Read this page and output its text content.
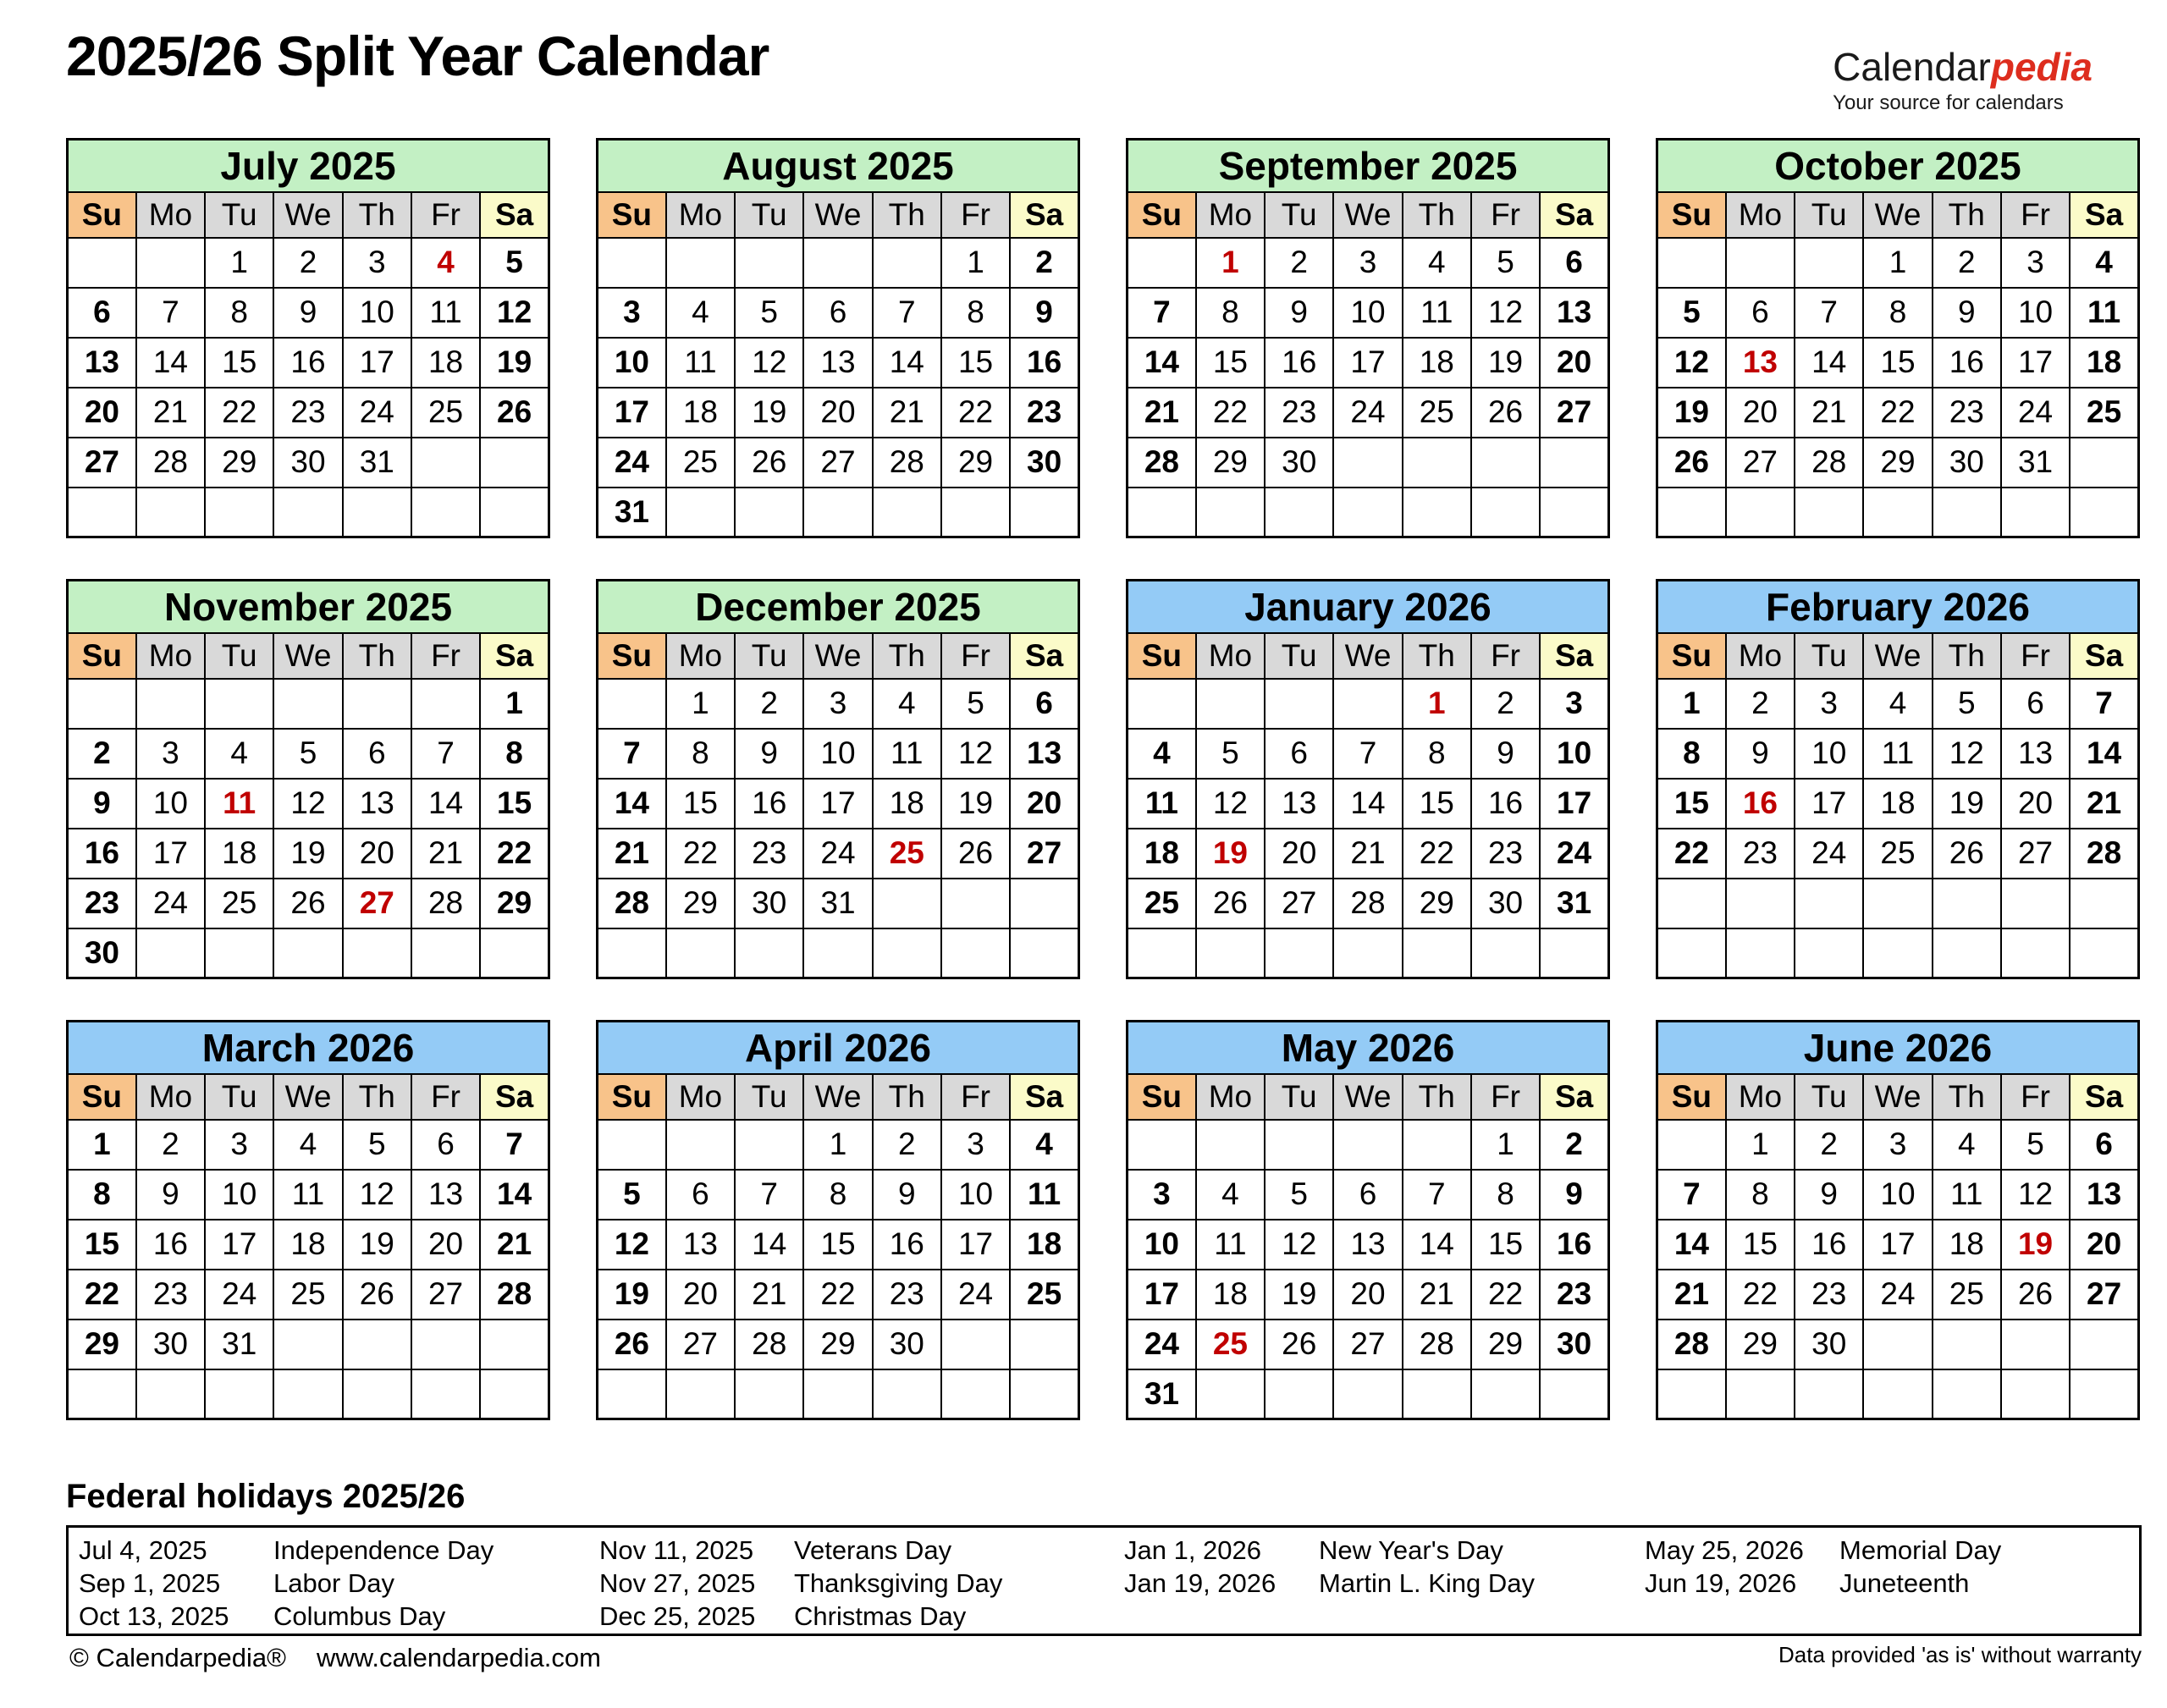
2025/26 Split Year Calendar	Calendarpedia
Your source for calendars
July 2025						
Su	Mo	Tu	We	Th	Fr	Sa
		1	2	3	4	5
6	7	8	9	10	11	12
13	14	15	16	17	18	19
20	21	22	23	24	25	26
27	28	29	30	31		

August 2025						
Su	Mo	Tu	We	Th	Fr	Sa
					1	2
3	4	5	6	7	8	9
10	11	12	13	14	15	16
17	18	19	20	21	22	23
24	25	26	27	28	29	30
31						
September 2025						
Su	Mo	Tu	We	Th	Fr	Sa
	1	2	3	4	5	6
7	8	9	10	11	12	13
14	15	16	17	18	19	20
21	22	23	24	25	26	27
28	29	30				

October 2025						
Su	Mo	Tu	We	Th	Fr	Sa
			1	2	3	4
5	6	7	8	9	10	11
12	13	14	15	16	17	18
19	20	21	22	23	24	25
26	27	28	29	30	31	

November 2025						
Su	Mo	Tu	We	Th	Fr	Sa
						1
2	3	4	5	6	7	8
9	10	11	12	13	14	15
16	17	18	19	20	21	22
23	24	25	26	27	28	29
30						
December 2025						
Su	Mo	Tu	We	Th	Fr	Sa
	1	2	3	4	5	6
7	8	9	10	11	12	13
14	15	16	17	18	19	20
21	22	23	24	25	26	27
28	29	30	31			

January 2026						
Su	Mo	Tu	We	Th	Fr	Sa
				1	2	3
4	5	6	7	8	9	10
11	12	13	14	15	16	17
18	19	20	21	22	23	24
25	26	27	28	29	30	31

February 2026						
Su	Mo	Tu	We	Th	Fr	Sa
1	2	3	4	5	6	7
8	9	10	11	12	13	14
15	16	17	18	19	20	21
22	23	24	25	26	27	28

March 2026						
Su	Mo	Tu	We	Th	Fr	Sa
1	2	3	4	5	6	7
8	9	10	11	12	13	14
15	16	17	18	19	20	21
22	23	24	25	26	27	28
29	30	31				

April 2026						
Su	Mo	Tu	We	Th	Fr	Sa
			1	2	3	4
5	6	7	8	9	10	11
12	13	14	15	16	17	18
19	20	21	22	23	24	25
26	27	28	29	30		

May 2026						
Su	Mo	Tu	We	Th	Fr	Sa
					1	2
3	4	5	6	7	8	9
10	11	12	13	14	15	16
17	18	19	20	21	22	23
24	25	26	27	28	29	30
31						
June 2026						
Su	Mo	Tu	We	Th	Fr	Sa
	1	2	3	4	5	6
7	8	9	10	11	12	13
14	15	16	17	18	19	20
21	22	23	24	25	26	27
28	29	30				

Federal holidays 2025/26
Jul 4, 2025	Independence Day	Nov 11, 2025	Veterans Day	Jan 1, 2026	New Year's Day	May 25, 2026	Memorial Day
Sep 1, 2025	Labor Day	Nov 27, 2025	Thanksgiving Day	Jan 19, 2026	Martin L. King Day	Jun 19, 2026	Juneteenth
Oct 13, 2025	Columbus Day	Dec 25, 2025	Christmas Day
© Calendarpedia® www.calendarpedia.com	Data provided 'as is' without warranty
